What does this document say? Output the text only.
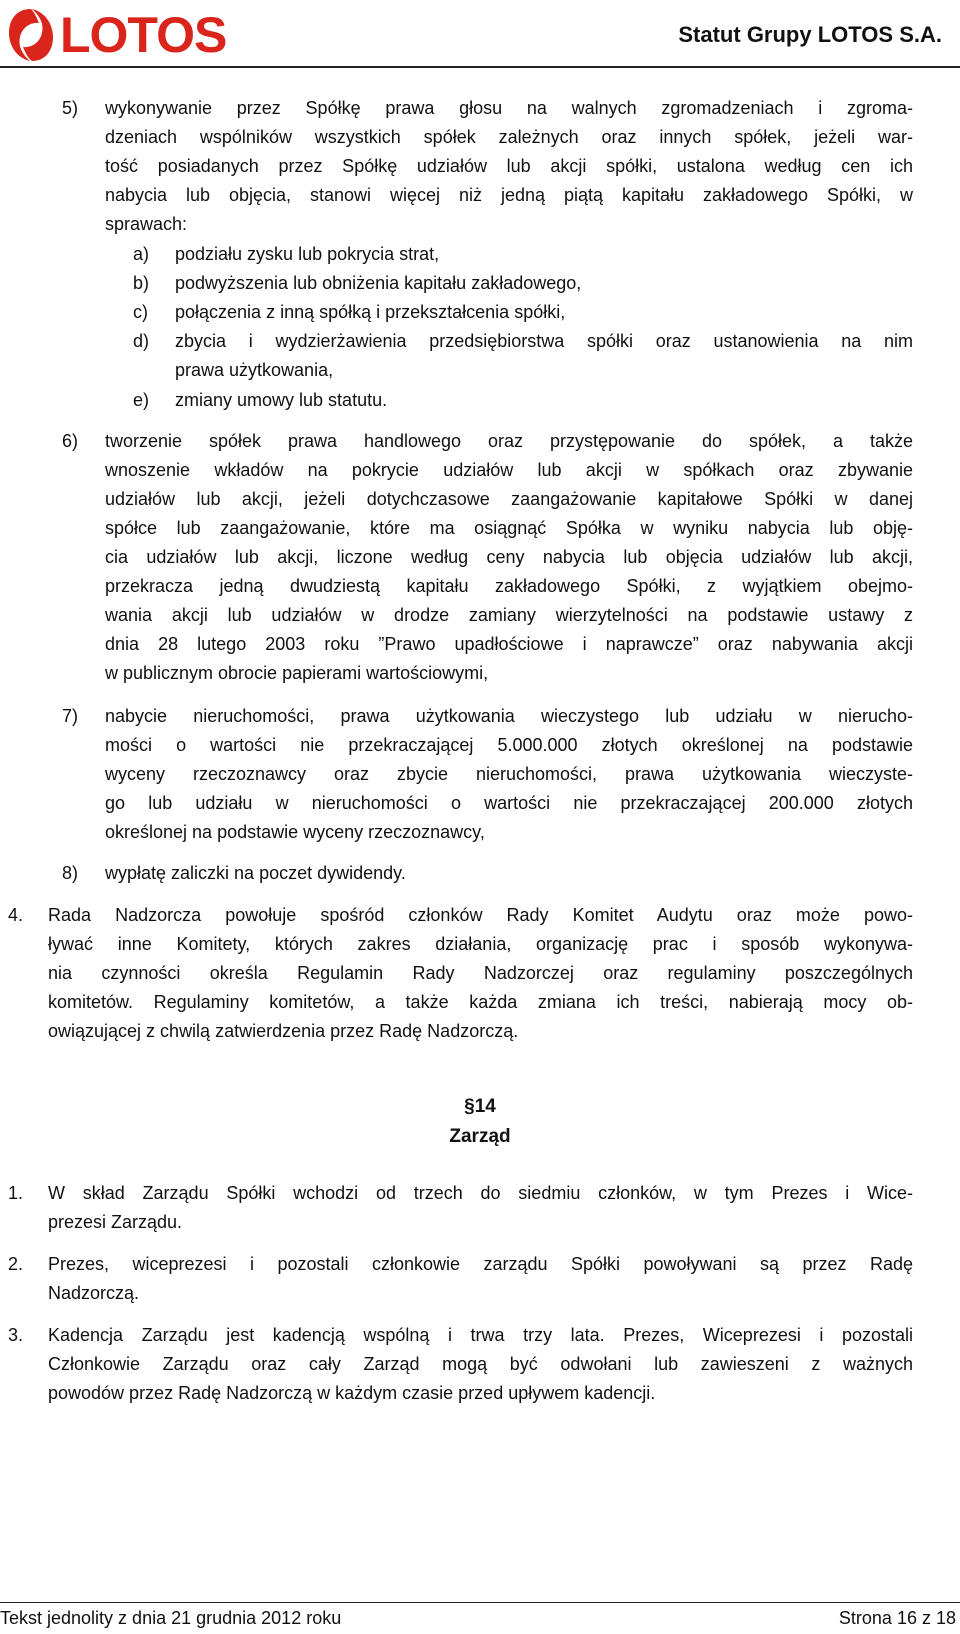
LOTOS	Statut Grupy LOTOS S.A.
5) wykonywanie przez Spółkę prawa głosu na walnych zgromadzeniach i zgroma-
dzeniach wspólników wszystkich spółek zależnych oraz innych spółek, jeżeli war-
tość posiadanych przez Spółkę udziałów lub akcji spółki, ustalona według cen ich
nabycia lub objęcia, stanowi więcej niż jedną piątą kapitału zakładowego Spółki, w
sprawach:
a) podziału zysku lub pokrycia strat,
b) podwyższenia lub obniżenia kapitału zakładowego,
c) połączenia z inną spółką i przekształcenia spółki,
d) zbycia i wydzierżawienia przedsiębiorstwa spółki oraz ustanowienia na nim
prawa użytkowania,
e) zmiany umowy lub statutu.
6) tworzenie spółek prawa handlowego oraz przystępowanie do spółek, a także
wnoszenie wkładów na pokrycie udziałów lub akcji w spółkach oraz zbywanie
udziałów lub akcji, jeżeli dotychczasowe zaangażowanie kapitałowe Spółki w danej
spółce lub zaangażowanie, które ma osiągnąć Spółka w wyniku nabycia lub obję-
cia udziałów lub akcji, liczone według ceny nabycia lub objęcia udziałów lub akcji,
przekracza jedną dwudziestą kapitału zakładowego Spółki, z wyjątkiem obejmo-
wania akcji lub udziałów w drodze zamiany wierzytelności na podstawie ustawy z
dnia 28 lutego 2003 roku ”Prawo upadłościowe i naprawcze” oraz nabywania akcji
w publicznym obrocie papierami wartościowymi,
7) nabycie nieruchomości, prawa użytkowania wieczystego lub udziału w nierucho-
mości o wartości nie przekraczającej 5.000.000 złotych określonej na podstawie
wyceny rzeczoznawcy oraz zbycie nieruchomości, prawa użytkowania wieczyste-
go lub udziału w nieruchomości o wartości nie przekraczającej 200.000 złotych
określonej na podstawie wyceny rzeczoznawcy,
8) wypłatę zaliczki na poczet dywidendy.
4. Rada Nadzorcza powołuje spośród członków Rady Komitet Audytu oraz może powo-
ływać inne Komitety, których zakres działania, organizację prac i sposób wykonywa-
nia czynności określa Regulamin Rady Nadzorczej oraz regulaminy poszczególnych
komitetów. Regulaminy komitetów, a także każda zmiana ich treści, nabierają mocy ob-
owiązującej z chwilą zatwierdzenia przez Radę Nadzorczą.
§14
Zarząd
1. W skład Zarządu Spółki wchodzi od trzech do siedmiu członków, w tym Prezes i Wice-
prezesi Zarządu.
2. Prezes, wiceprezesi i pozostali członkowie zarządu Spółki powoływani są przez Radę
Nadzorczą.
3. Kadencja Zarządu jest kadencją wspólną i trwa trzy lata. Prezes, Wiceprezesi i pozostali
Członkowie Zarządu oraz cały Zarząd mogą być odwołani lub zawieszeni z ważnych
powodów przez Radę Nadzorczą w każdym czasie przed upływem kadencji.
Tekst jednolity z dnia 21 grudnia 2012 roku	Strona 16 z 18
